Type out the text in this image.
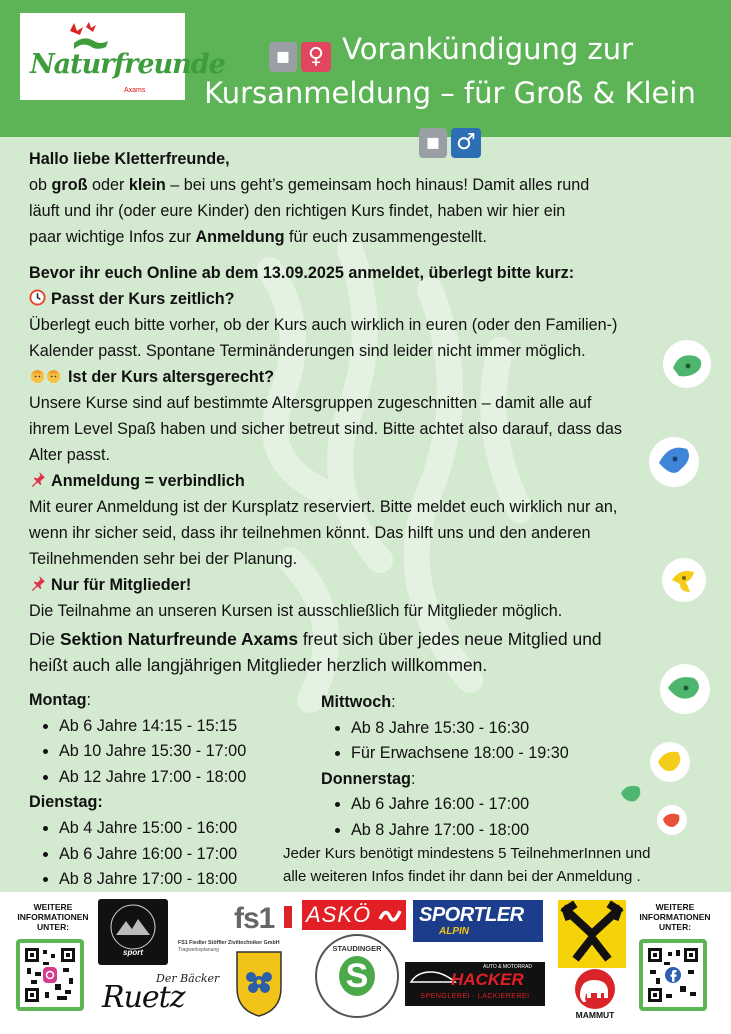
Naturfreunde
Axams
▪ ♀ Vorankündigung zur
Kursanmeldung – für Groß & Klein ▪ ♂

Hallo liebe Kletterfreunde,

ob groß oder klein – bei uns geht’s gemeinsam hoch hinaus! Damit alles rund

läuft und ihr (oder eure Kinder) den richtigen Kurs findet, haben wir hier ein

paar wichtige Infos zur Anmeldung für euch zusammengestellt.

Bevor ihr euch Online ab dem 13.09.2025 anmeldet, überlegt bitte kurz:

Passt der Kurs zeitlich?

Überlegt euch bitte vorher, ob der Kurs auch wirklich in euren (oder den Familien-)

Kalender passt. Spontane Terminänderungen sind leider nicht immer möglich.

Ist der Kurs altersgerecht?

Unsere Kurse sind auf bestimmte Altersgruppen zugeschnitten – damit alle auf

ihrem Level Spaß haben und sicher betreut sind. Bitte achtet also darauf, dass das

Alter passt.

Anmeldung = verbindlich

Mit eurer Anmeldung ist der Kursplatz reserviert. Bitte meldet euch wirklich nur an,

wenn ihr sicher seid, dass ihr teilnehmen könnt. Das hilft uns und den anderen

Teilnehmenden sehr bei der Planung.

Nur für Mitglieder!

Die Teilnahme an unseren Kursen ist ausschließlich für Mitglieder möglich.

Die Sektion Naturfreunde Axams freut sich über jedes neue Mitglied und

heißt auch alle langjährigen Mitglieder herzlich willkommen.

Montag:
• Ab 6 Jahre 14:15 - 15:15
• Ab 10 Jahre 15:30 - 17:00
• Ab 12 Jahre 17:00 - 18:00
Dienstag:
• Ab 4 Jahre 15:00 - 16:00
• Ab 6 Jahre 16:00 - 17:00
• Ab 8 Jahre 17:00 - 18:00
Mittwoch:
• Ab 8 Jahre 15:30 - 16:30
• Für Erwachsene 18:00 - 19:30
Donnerstag:
• Ab 6 Jahre 16:00 - 17:00
• Ab 8 Jahre 17:00 - 18:00
Jeder Kurs benötigt mindestens 5 TeilnehmerInnen und
alle weiteren Infos findet ihr dann bei der Anmeldung .
WEITERE
INFORMATIONEN
UNTER:
WEITERE
INFORMATIONEN
UNTER:
sport
fs1
FS1 Fiedler Stöffler Ziviltechniker GmbH
Tragwerksplanung
ASKÖ SPORTLER
ALPIN
Der Bäcker
Ruetz
STAUDINGER
S	AUTO & MOTORRAD
HACKER
SPENGLEREI · LACKIEREREI
MAMMUT
